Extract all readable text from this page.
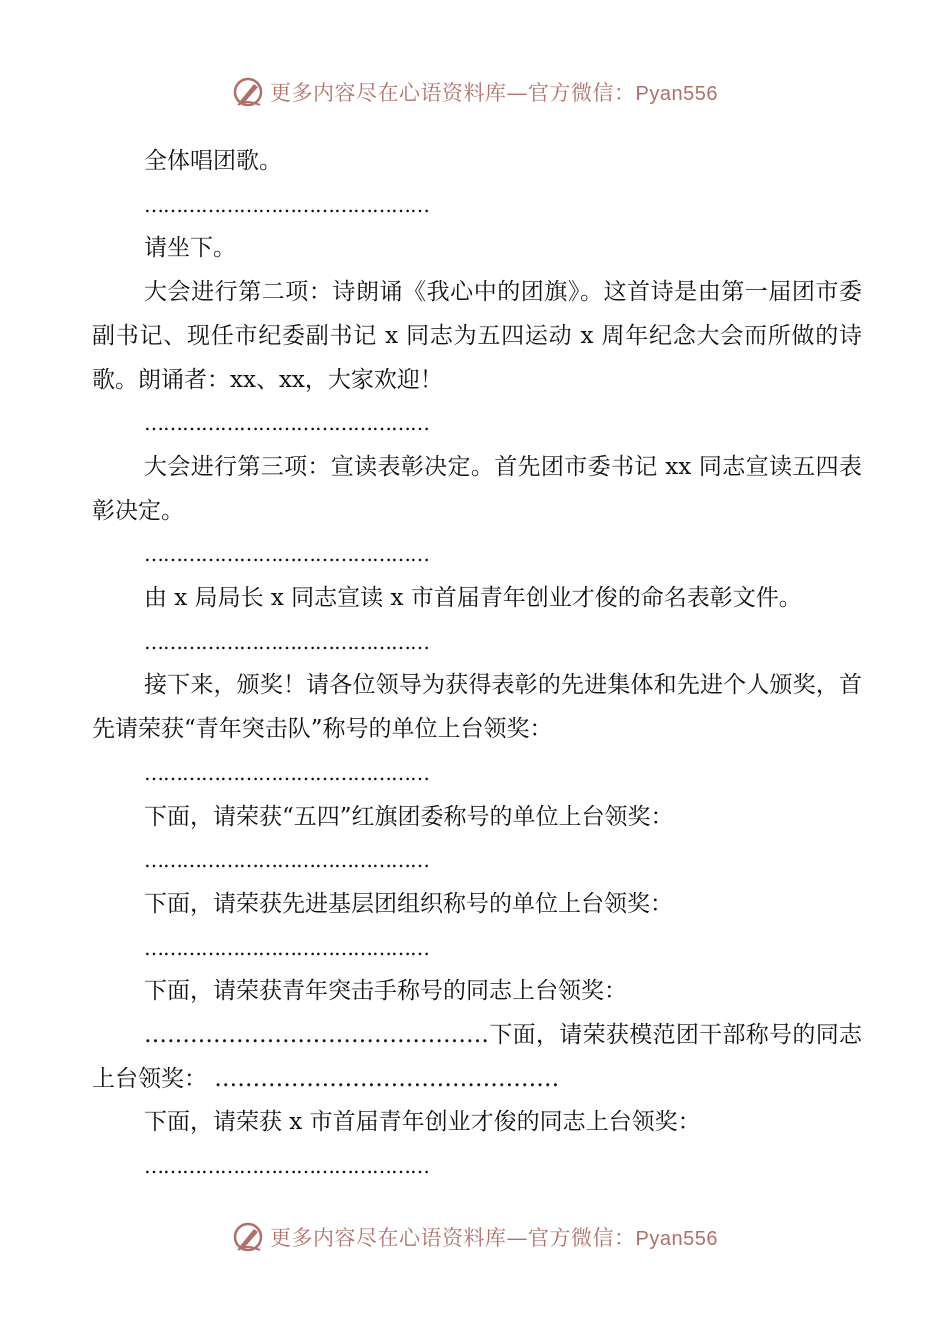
更多内容尽在心语资料库—官方微信：Pyan556

全体唱团歌。

………………………………………

请坐下。

大会进行第二项：诗朗诵《我心中的团旗》。这首诗是由第一届团市委副书记、现任市纪委副书记 x 同志为五四运动 x 周年纪念大会而所做的诗歌。朗诵者：xx、xx，大家欢迎！

………………………………………

大会进行第三项：宣读表彰决定。首先团市委书记 xx 同志宣读五四表彰决定。

………………………………………

由 x 局局长 x 同志宣读 x 市首届青年创业才俊的命名表彰文件。

………………………………………

接下来，颁奖！请各位领导为获得表彰的先进集体和先进个人颁奖，首先请荣获“青年突击队”称号的单位上台领奖：

………………………………………

下面，请荣获“五四”红旗团委称号的单位上台领奖：

………………………………………

下面，请荣获先进基层团组织称号的单位上台领奖：

………………………………………

下面，请荣获青年突击手称号的同志上台领奖：

………………………………………下面，请荣获模范团干部称号的同志上台领奖： ………………………………………

下面，请荣获 x 市首届青年创业才俊的同志上台领奖：

………………………………………

更多内容尽在心语资料库—官方微信：Pyan556
